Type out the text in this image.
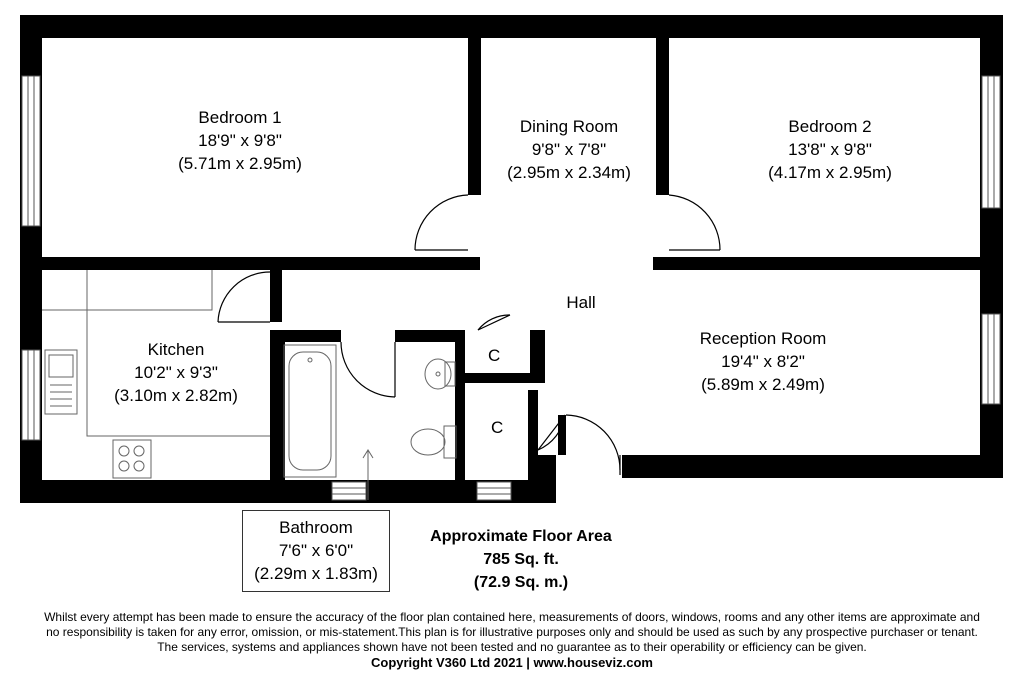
Bedroom 1
18'9" x 9'8"
(5.71m x 2.95m)
Dining Room
9'8" x 7'8"
(2.95m x 2.34m)
Bedroom 2
13'8" x 9'8"
(4.17m x 2.95m)
Kitchen
10'2" x 9'3"
(3.10m x 2.82m)
Hall
Reception Room
19'4" x 8'2"
(5.89m x 2.49m)
C
C
Bathroom
7'6" x 6'0"
(2.29m x 1.83m)
Approximate Floor Area
785 Sq. ft.
(72.9 Sq. m.)
Whilst every attempt has been made to ensure the accuracy of the floor plan contained here, measurements of doors, windows, rooms and any other items are approximate and
no responsibility is taken for any error, omission, or mis-statement.This plan is for illustrative purposes only and should be used as such by any prospective purchaser or tenant.
The services, systems and appliances shown have not been tested and no guarantee as to their operability or efficiency can be given.
Copyright V360 Ltd 2021 | www.houseviz.com
